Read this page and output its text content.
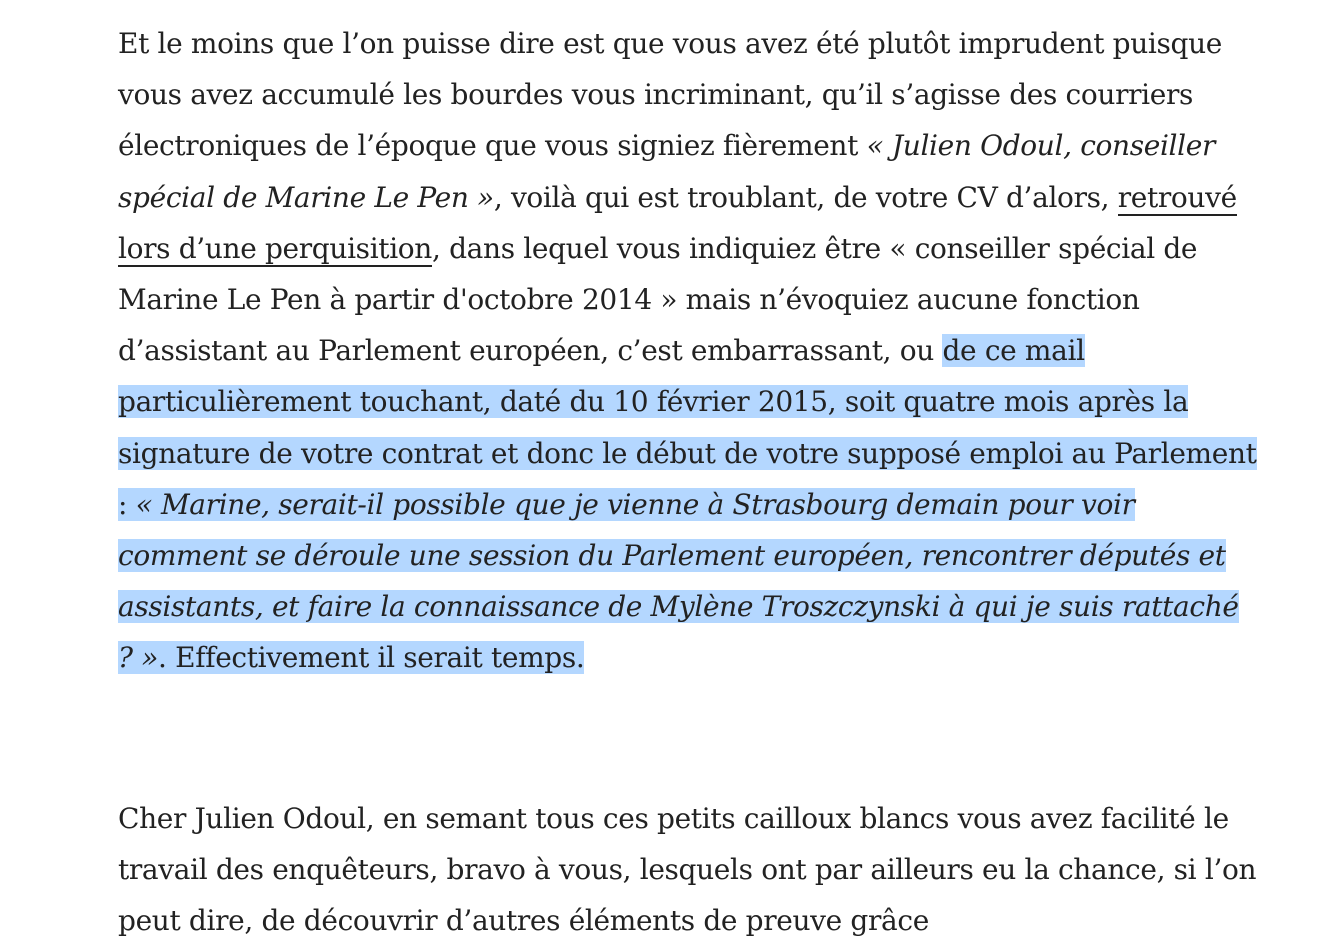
Et le moins que l’on puisse dire est que vous avez été plutôt imprudent puisque vous avez accumulé les bourdes vous incriminant, qu’il s’agisse des courriers électroniques de l’époque que vous signiez fièrement « Julien Odoul, conseiller spécial de Marine Le Pen », voilà qui est troublant, de votre CV d’alors, retrouvé lors d’une perquisition, dans lequel vous indiquiez être « conseiller spécial de Marine Le Pen à partir d'octobre 2014 » mais n’évoquiez aucune fonction d’assistant au Parlement européen, c’est embarrassant, ou de ce mail particulièrement touchant, daté du 10 février 2015, soit quatre mois après la signature de votre contrat et donc le début de votre supposé emploi au Parlement : « Marine, serait-il possible que je vienne à Strasbourg demain pour voir comment se déroule une session du Parlement européen, rencontrer députés et assistants, et faire la connaissance de Mylène Troszczynski à qui je suis rattaché ? ». Effectivement il serait temps.

Cher Julien Odoul, en semant tous ces petits cailloux blancs vous avez facilité le travail des enquêteurs, bravo à vous, lesquels ont par ailleurs eu la chance, si l’on peut dire, de découvrir d’autres éléments de preuve grâce
